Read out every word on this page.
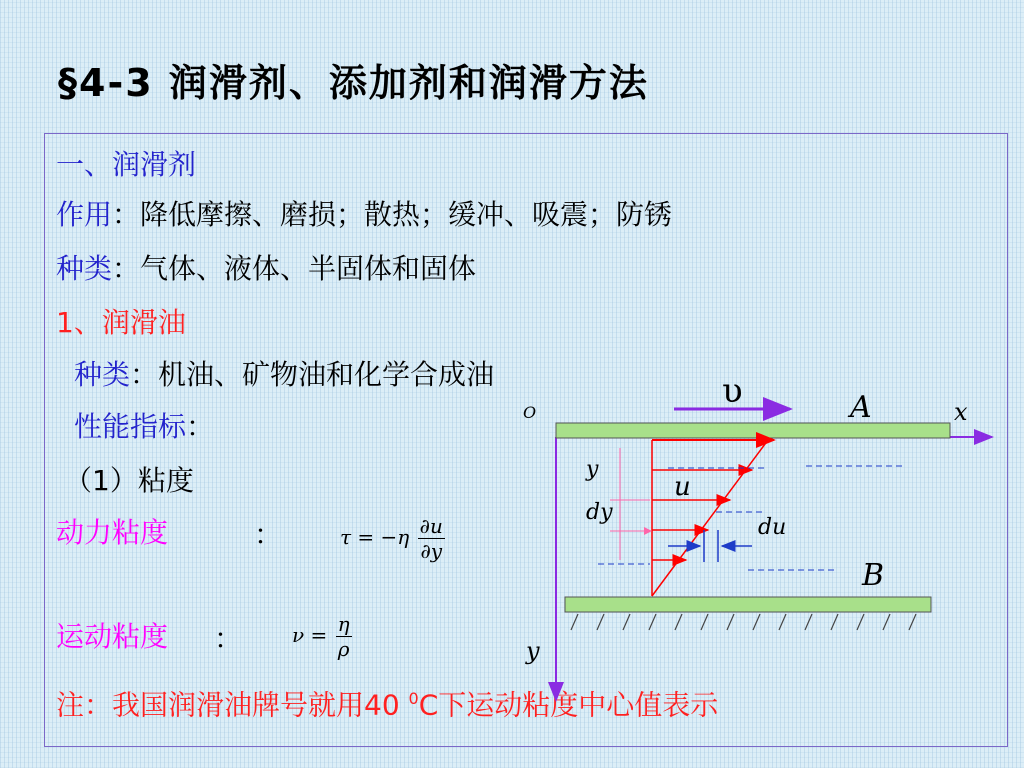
§4-3 润滑剂、添加剂和润滑方法
一、润滑剂
作用：降低摩擦、磨损；散热；缓冲、吸震；防锈
种类：气体、液体、半固体和固体
1、润滑油
种类：机油、矿物油和化学合成油
性能指标：
（1）粘度
动力粘度	：	$\tau = -\eta \frac{\partial u}{\partial y}$
运动粘度 ： $\nu = \frac{\eta}{\rho}$
注：我国润滑油牌号就用40 $^0$C下运动粘度中心值表示
O
υ	A	x
y
u
dy
du
B
y
